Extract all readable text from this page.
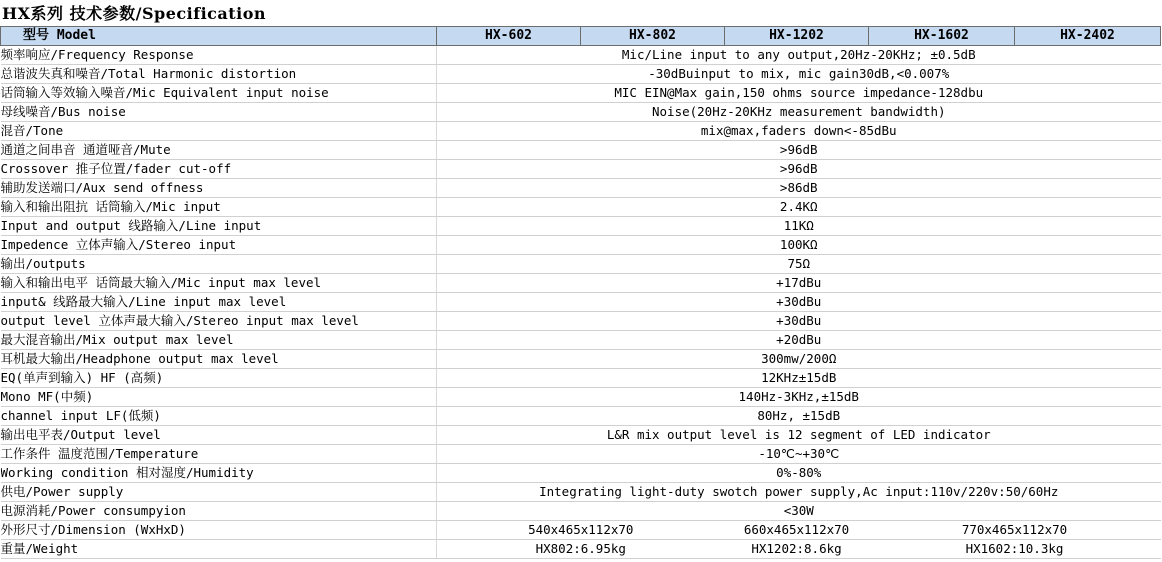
HX系列 技术参数/Specification
型号 Model	HX-602	HX-802	HX-1202	HX-1602	HX-2402
频率响应/Frequency Response	Mic/Line input to any output,20Hz-20KHz; ±0.5dB				
总谐波失真和噪音/Total Harmonic distortion	-30dBuinput to mix, mic gain30dB,<0.007%				
话筒输入等效输入噪音/Mic Equivalent input noise	MIC EIN@Max gain,150 ohms source impedance-128dbu				
母线噪音/Bus noise	Noise(20Hz-20KHz measurement bandwidth)				
混音/Tone	mix@max,faders down<-85dBu				
通道之间串音 通道哑音/Mute	>96dB				
Crossover 推子位置/fader cut-off	>96dB				
辅助发送端口/Aux send offness	>86dB				
输入和输出阻抗 话筒输入/Mic input	2.4KΩ				
Input and output 线路输入/Line input	11KΩ				
Impedence 立体声输入/Stereo input	100KΩ				
输出/outputs	75Ω				
输入和输出电平 话筒最大输入/Mic input max level	+17dBu				
input& 线路最大输入/Line input max level	+30dBu				
output level 立体声最大输入/Stereo input max level	+30dBu				
最大混音输出/Mix output max level	+20dBu				
耳机最大输出/Headphone output max level	300mw/200Ω				
EQ(单声到输入) HF (高频)	12KHz±15dB				
Mono MF(中频)	140Hz-3KHz,±15dB				
channel input LF(低频)	80Hz, ±15dB				
输出电平表/Output level	L&R mix output level is 12 segment of LED indicator				
工作条件 温度范围/Temperature	-10℃~+30℃				
Working condition 相对湿度/Humidity	0%-80%				
供电/Power supply	Integrating light-duty swotch power supply,Ac input:110v/220v:50/60Hz				
电源消耗/Power consumpyion	<30W				
外形尺寸/Dimension (WxHxD)	540x465x112x70		660x465x112x70	770x465x112x70	
重量/Weight	HX802:6.95kg		HX1202:8.6kg	HX1602:10.3kg	
